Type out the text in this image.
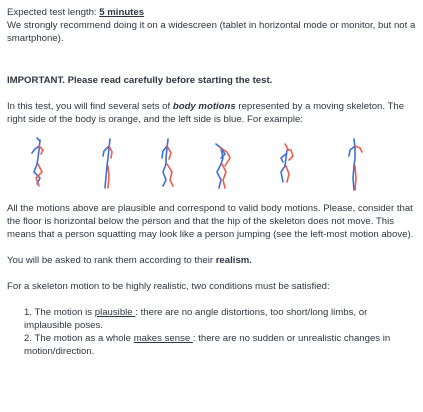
Expected test length: 5 minutes

We strongly recommend doing it on a widescreen (tablet in horizontal mode or monitor, but not a smartphone).

IMPORTANT. Please read carefully before starting the test.

In this test, you will find several sets of body motions represented by a moving skeleton. The right side of the body is orange, and the left side is blue. For example:

All the motions above are plausible and correspond to valid body motions. Please, consider that the floor is horizontal below the person and that the hip of the skeleton does not move. This means that a person squatting may look like a person jumping (see the left-most motion above).

You will be asked to rank them according to their realism.

For a skeleton motion to be highly realistic, two conditions must be satisfied:

1. The motion is plausible : there are no angle distortions, too short/long limbs, or implausible poses.

2. The motion as a whole makes sense : there are no sudden or unrealistic changes in motion/direction.
